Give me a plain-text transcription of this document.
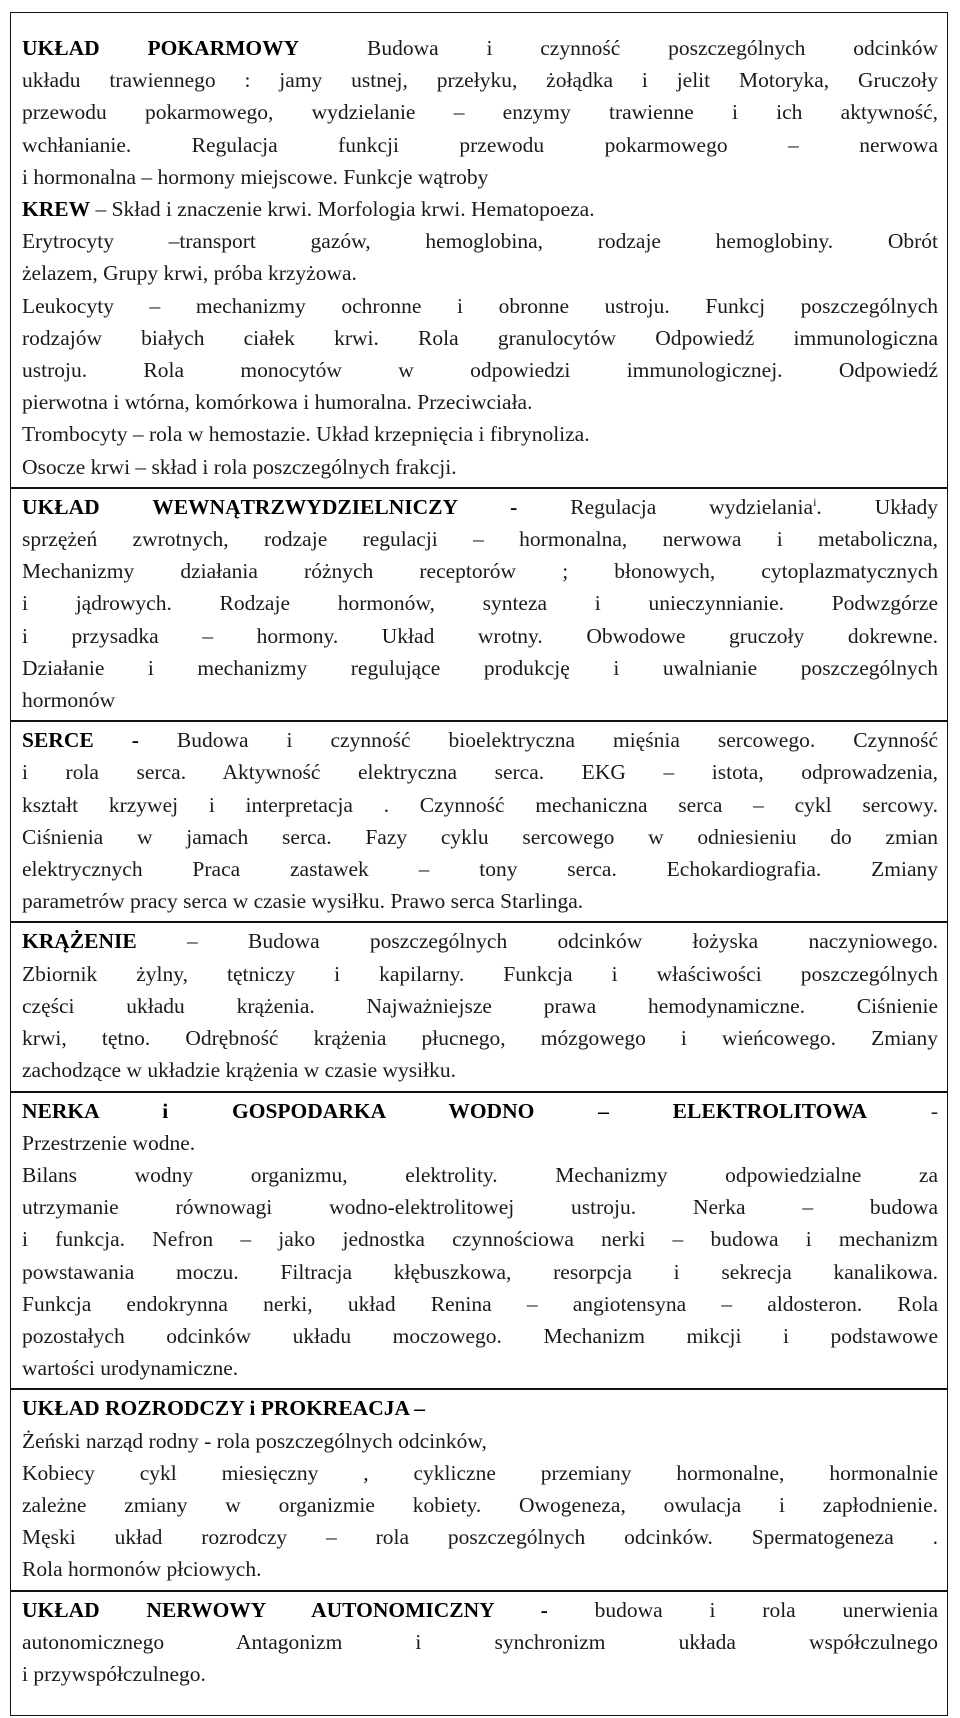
UKŁAD POKARMOWY	Budowa i czynność poszczególnych odcinków
układu trawiennego : jamy ustnej, przełyku, żołądka i jelit Motoryka, Gruczoły
przewodu pokarmowego, wydzielanie – enzymy trawienne i ich aktywność,
wchłanianie. Regulacja funkcji przewodu pokarmowego – nerwowa
i hormonalna – hormony miejscowe. Funkcje wątroby
KREW – Skład i znaczenie krwi. Morfologia krwi. Hematopoeza.
Erytrocyty –transport gazów, hemoglobina, rodzaje hemoglobiny. Obrót
żelazem, Grupy krwi, próba krzyżowa.
Leukocyty – mechanizmy ochronne i obronne ustroju. Funkcj poszczególnych
rodzajów białych ciałek krwi. Rola granulocytów Odpowiedź immunologiczna
ustroju. Rola monocytów w odpowiedzi immunologicznej. Odpowiedź
pierwotna i wtórna, komórkowa i humoralna. Przeciwciała.
Trombocyty – rola w hemostazie. Układ krzepnięcia i fibrynoliza.
Osocze krwi – skład i rola poszczególnych frakcji.
UKŁAD WEWNĄTRZWYDZIELNICZY - Regulacja wydzielania$^i$. Układy
sprzężeń zwrotnych, rodzaje regulacji – hormonalna, nerwowa i metaboliczna,
Mechanizmy działania różnych receptorów ; błonowych, cytoplazmatycznych
i jądrowych. Rodzaje hormonów, synteza i unieczynnianie. Podwzgórze
i przysadka – hormony. Układ wrotny. Obwodowe gruczoły dokrewne.
Działanie i mechanizmy regulujące produkcję i uwalnianie poszczególnych
hormonów
SERCE - Budowa i czynność bioelektryczna mięśnia sercowego. Czynność
i rola serca. Aktywność elektryczna serca. EKG – istota, odprowadzenia,
kształt krzywej i interpretacja . Czynność mechaniczna serca – cykl sercowy.
Ciśnienia w jamach serca. Fazy cyklu sercowego w odniesieniu do zmian
elektrycznych Praca zastawek – tony serca. Echokardiografia. Zmiany
parametrów pracy serca w czasie wysiłku. Prawo serca Starlinga.
KRĄŻENIE – Budowa poszczególnych odcinków łożyska naczyniowego.
Zbiornik żylny, tętniczy i kapilarny. Funkcja i właściwości poszczególnych
części układu krążenia. Najważniejsze prawa hemodynamiczne. Ciśnienie
krwi, tętno. Odrębność krążenia płucnego, mózgowego i wieńcowego. Zmiany
zachodzące w układzie krążenia w czasie wysiłku.
NERKA i GOSPODARKA WODNO – ELEKTROLITOWA	-
Przestrzenie wodne.
Bilans wodny organizmu, elektrolity. Mechanizmy odpowiedzialne za
utrzymanie równowagi wodno-elektrolitowej ustroju. Nerka – budowa
i funkcja. Nefron – jako jednostka czynnościowa nerki – budowa i mechanizm
powstawania moczu. Filtracja kłębuszkowa, resorpcja i sekrecja kanalikowa.
Funkcja endokrynna nerki, układ Renina – angiotensyna – aldosteron. Rola
pozostałych odcinków układu moczowego. Mechanizm mikcji i podstawowe
wartości urodynamiczne.
UKŁAD ROZRODCZY i PROKREACJA –
Żeński narząd rodny - rola poszczególnych odcinków,
Kobiecy cykl miesięczny , cykliczne przemiany hormonalne, hormonalnie
zależne zmiany w organizmie kobiety. Owogeneza, owulacja i zapłodnienie.
Męski układ rozrodczy – rola poszczególnych odcinków. Spermatogeneza .
Rola hormonów płciowych.
UKŁAD NERWOWY AUTONOMICZNY - budowa i rola unerwienia
autonomicznego Antagonizm i synchronizm układa współczulnego
i przywspółczulnego.
